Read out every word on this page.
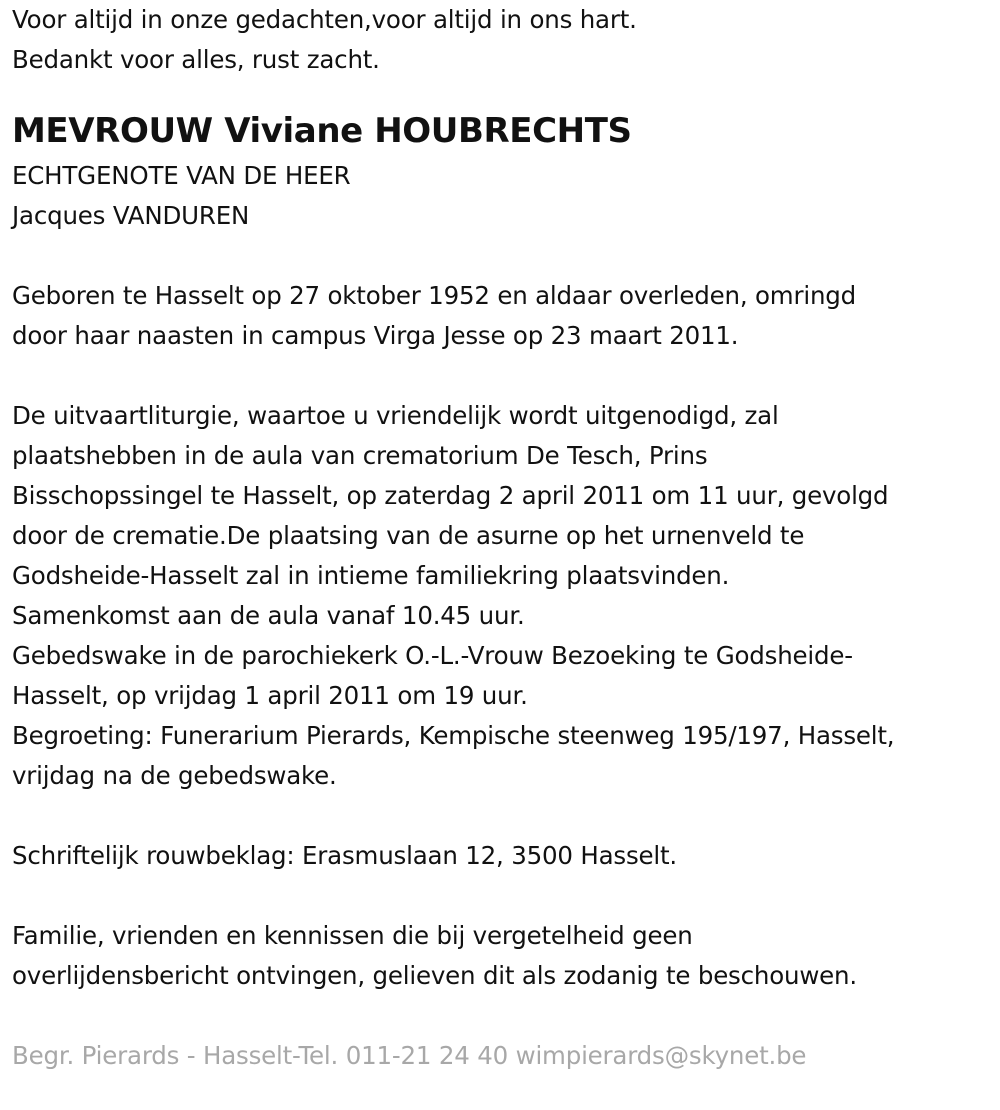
Voor altijd in onze gedachten,voor altijd in ons hart.
Bedankt voor alles, rust zacht.
MEVROUW Viviane HOUBRECHTS
ECHTGENOTE VAN DE HEER
Jacques VANDUREN
Geboren te Hasselt op 27 oktober 1952 en aldaar overleden, omringd
door haar naasten in campus Virga Jesse op 23 maart 2011.
De uitvaartliturgie, waartoe u vriendelijk wordt uitgenodigd, zal
plaatshebben in de aula van crematorium De Tesch, Prins
Bisschopssingel te Hasselt, op zaterdag 2 april 2011 om 11 uur, gevolgd
door de crematie.De plaatsing van de asurne op het urnenveld te
Godsheide-Hasselt zal in intieme familiekring plaatsvinden.
Samenkomst aan de aula vanaf 10.45 uur.
Gebedswake in de parochiekerk O.-L.-Vrouw Bezoeking te Godsheide-
Hasselt, op vrijdag 1 april 2011 om 19 uur.
Begroeting: Funerarium Pierards, Kempische steenweg 195/197, Hasselt,
vrijdag na de gebedswake.
Schriftelijk rouwbeklag: Erasmuslaan 12, 3500 Hasselt.
Familie, vrienden en kennissen die bij vergetelheid geen
overlijdensbericht ontvingen, gelieven dit als zodanig te beschouwen.
Begr. Pierards - Hasselt-Tel. 011-21 24 40 wimpierards@skynet.be
